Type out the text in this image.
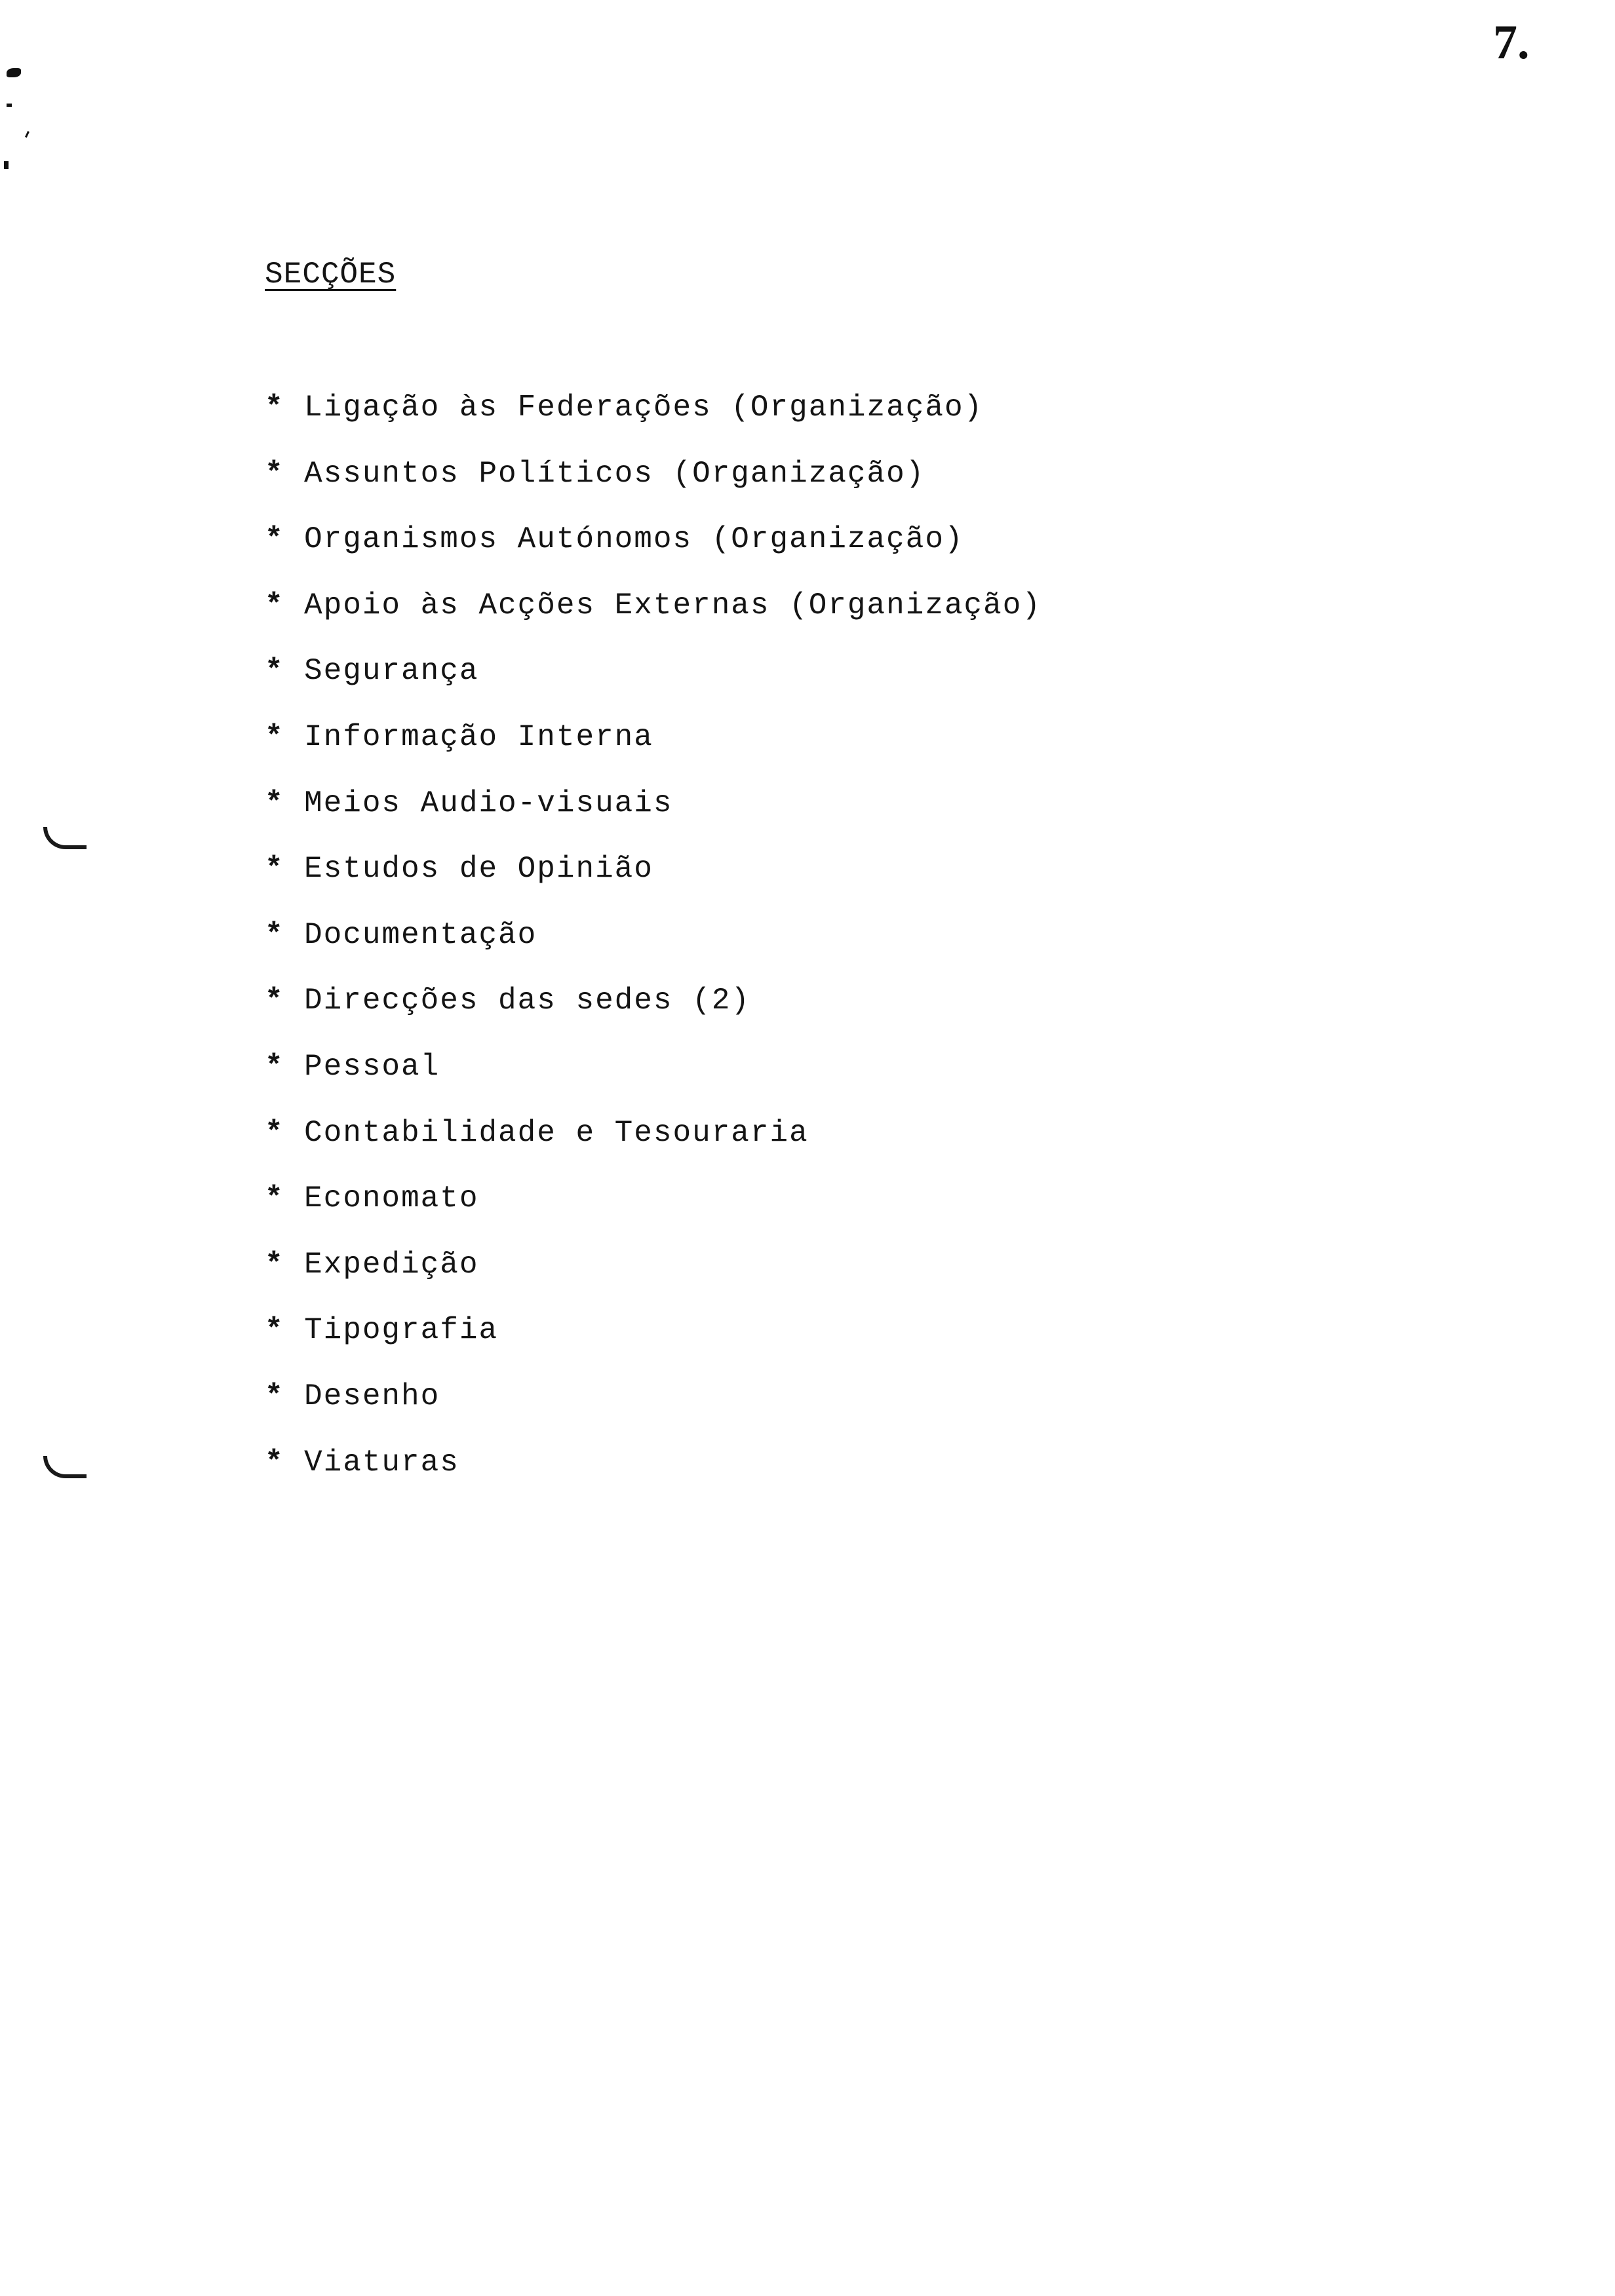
7.
SECÇÕES
* Ligação às Federações (Organização)
* Assuntos Políticos (Organização)
* Organismos Autónomos (Organização)
* Apoio às Acções Externas (Organização)
* Segurança
* Informação Interna
* Meios Audio-visuais
* Estudos de Opinião
* Documentação
* Direcções das sedes (2)
* Pessoal
* Contabilidade e Tesouraria
* Economato
* Expedição
* Tipografia
* Desenho
* Viaturas
